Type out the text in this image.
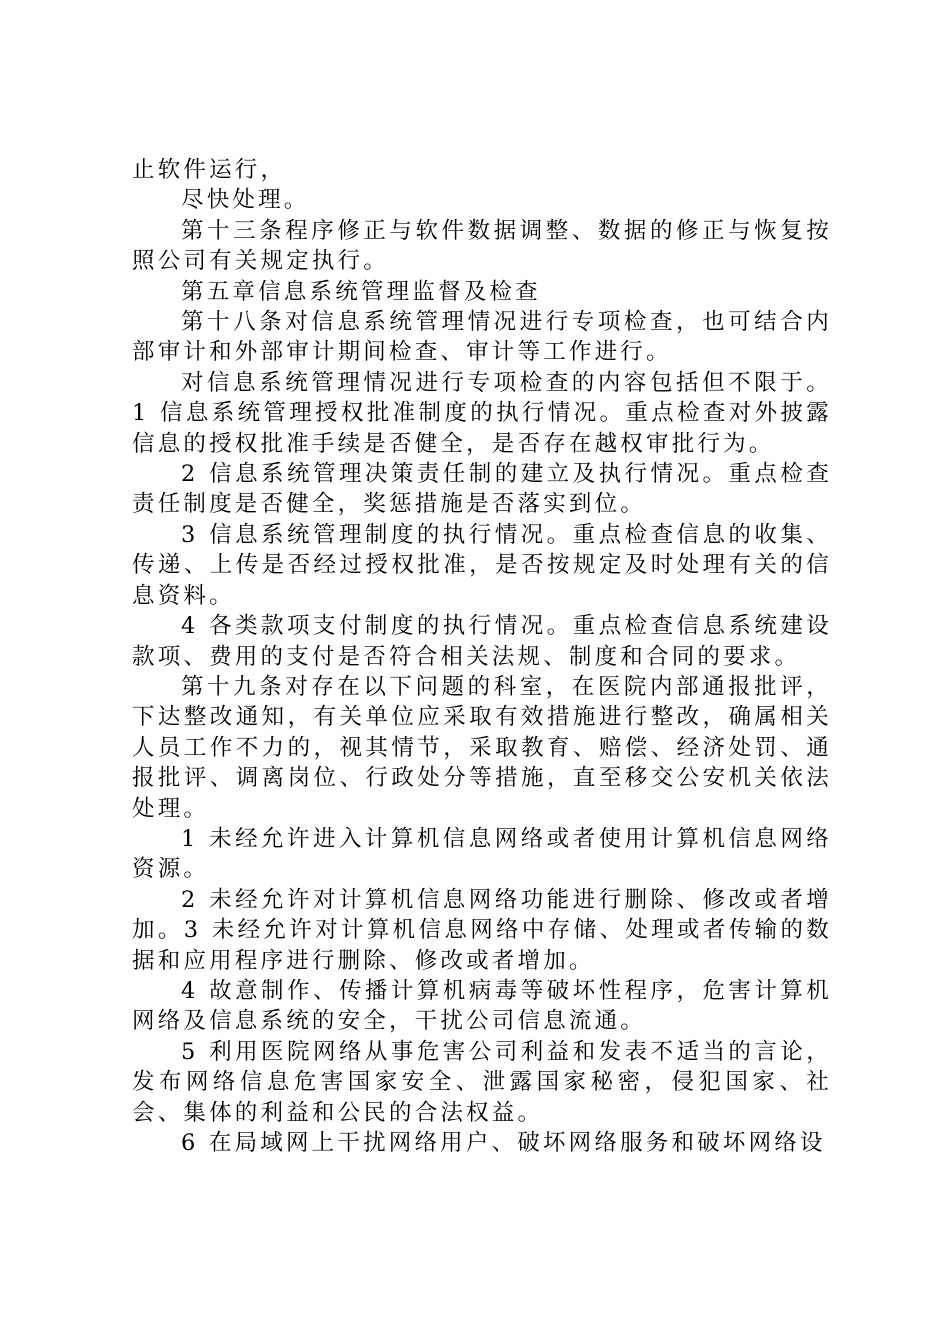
止软件运行，

尽快处理。

第十三条程序修正与软件数据调整、数据的修正与恢复按照公司有关规定执行。

第五章信息系统管理监督及检查

第十八条对信息系统管理情况进行专项检查，也可结合内部审计和外部审计期间检查、审计等工作进行。

对信息系统管理情况进行专项检查的内容包括但不限于。1 信息系统管理授权批准制度的执行情况。重点检查对外披露信息的授权批准手续是否健全，是否存在越权审批行为。

2 信息系统管理决策责任制的建立及执行情况。重点检查责任制度是否健全，奖惩措施是否落实到位。

3 信息系统管理制度的执行情况。重点检查信息的收集、传递、上传是否经过授权批准，是否按规定及时处理有关的信息资料。

4 各类款项支付制度的执行情况。重点检查信息系统建设款项、费用的支付是否符合相关法规、制度和合同的要求。

第十九条对存在以下问题的科室，在医院内部通报批评，下达整改通知，有关单位应采取有效措施进行整改，确属相关人员工作不力的，视其情节，采取教育、赔偿、经济处罚、通报批评、调离岗位、行政处分等措施，直至移交公安机关依法处理。

1 未经允许进入计算机信息网络或者使用计算机信息网络资源。

2 未经允许对计算机信息网络功能进行删除、修改或者增加。3 未经允许对计算机信息网络中存储、处理或者传输的数据和应用程序进行删除、修改或者增加。

4 故意制作、传播计算机病毒等破坏性程序，危害计算机网络及信息系统的安全，干扰公司信息流通。

5 利用医院网络从事危害公司利益和发表不适当的言论，发布网络信息危害国家安全、泄露国家秘密，侵犯国家、社会、集体的利益和公民的合法权益。

6 在局域网上干扰网络用户、破坏网络服务和破坏网络设
